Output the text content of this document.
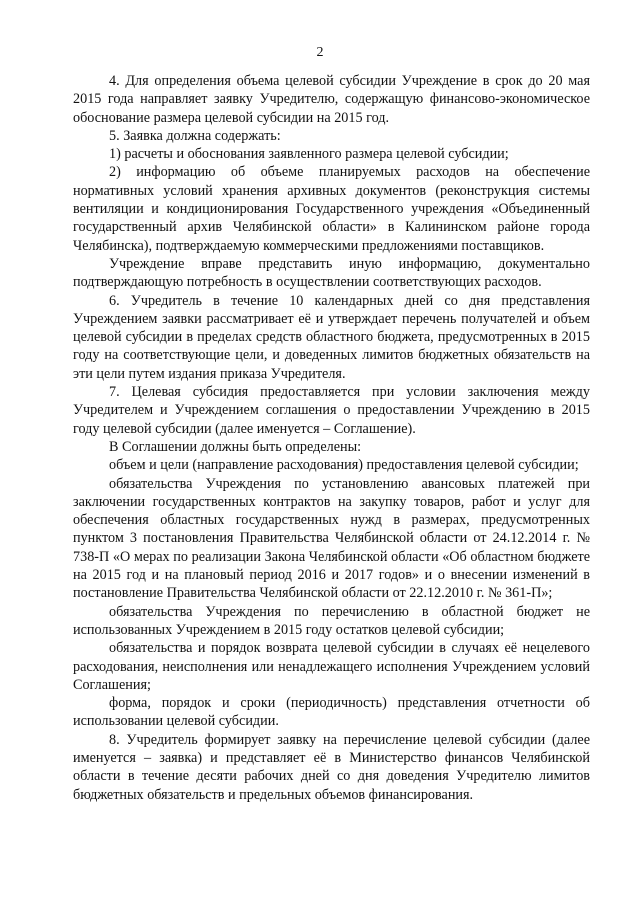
2

4. Для определения объема целевой субсидии Учреждение в срок до 20 мая 2015 года направляет заявку Учредителю, содержащую финансово-экономическое обоснование размера целевой субсидии на 2015 год.

5. Заявка должна содержать:

1) расчеты и обоснования заявленного размера целевой субсидии;

2) информацию об объеме планируемых расходов на обеспечение нормативных условий хранения архивных документов (реконструкция системы вентиляции и кондиционирования Государственного учреждения «Объединенный государственный архив Челябинской области» в Калининском районе города Челябинска), подтверждаемую коммерческими предложениями поставщиков.

Учреждение вправе представить иную информацию, документально подтверждающую потребность в осуществлении соответствующих расходов.

6. Учредитель в течение 10 календарных дней со дня представления Учреждением заявки рассматривает её и утверждает перечень получателей и объем целевой субсидии в пределах средств областного бюджета, предусмотренных в 2015 году на соответствующие цели, и доведенных лимитов бюджетных обязательств на эти цели путем издания приказа Учредителя.

7. Целевая субсидия предоставляется при условии заключения между Учредителем и Учреждением соглашения о предоставлении Учреждению в 2015 году целевой субсидии (далее именуется – Соглашение).

В Соглашении должны быть определены:

объем и цели (направление расходования) предоставления целевой субсидии;

обязательства Учреждения по установлению авансовых платежей при заключении государственных контрактов на закупку товаров, работ и услуг для обеспечения областных государственных нужд в размерах, предусмотренных пунктом 3 постановления Правительства Челябинской области от 24.12.2014 г. № 738-П «О мерах по реализации Закона Челябинской области «Об областном бюджете на 2015 год и на плановый период 2016 и 2017 годов» и о внесении изменений в постановление Правительства Челябинской области от 22.12.2010 г. № 361-П»;

обязательства Учреждения по перечислению в областной бюджет не использованных Учреждением в 2015 году остатков целевой субсидии;

обязательства и порядок возврата целевой субсидии в случаях её нецелевого расходования, неисполнения или ненадлежащего исполнения Учреждением условий Соглашения;

форма, порядок и сроки (периодичность) представления отчетности об использовании целевой субсидии.

8. Учредитель формирует заявку на перечисление целевой субсидии (далее именуется – заявка) и представляет её в Министерство финансов Челябинской области в течение десяти рабочих дней со дня доведения Учредителю лимитов бюджетных обязательств и предельных объемов финансирования.
